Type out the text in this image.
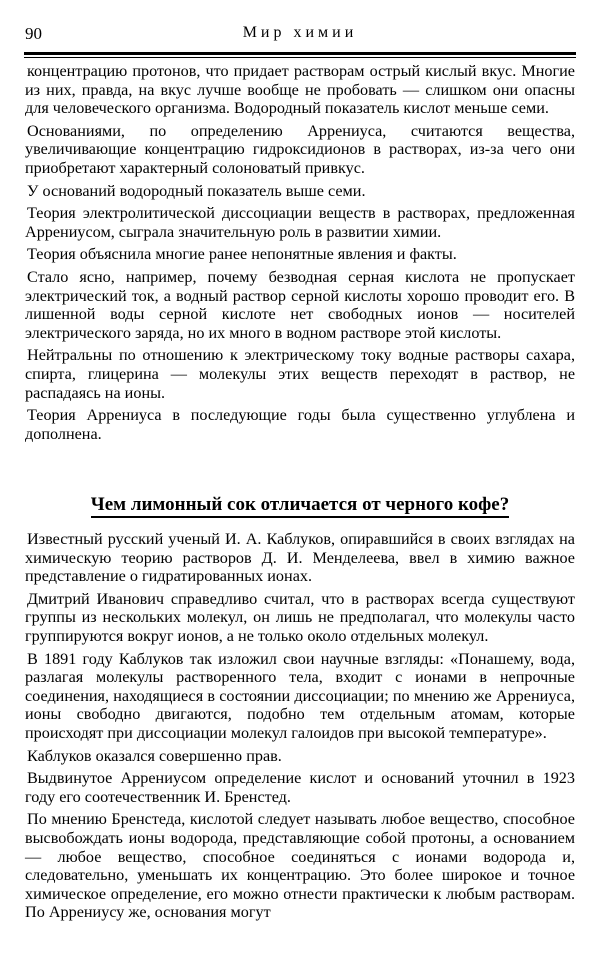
90	Мир химии

концентрацию протонов, что придает растворам острый кислый вкус. Многие из них, правда, на вкус лучше вообще не пробовать — слишком они опасны для человеческого организма. Водородный показатель кислот меньше семи.

Основаниями, по определению Аррениуса, считаются вещества, увеличивающие концентрацию гидроксидионов в растворах, из-за чего они приобретают характерный солоноватый привкус.

У оснований водородный показатель выше семи.

Теория электролитической диссоциации веществ в растворах, предложенная Аррениусом, сыграла значительную роль в развитии химии.

Теория объяснила многие ранее непонятные явления и факты.

Стало ясно, например, почему безводная серная кислота не пропускает электрический ток, а водный раствор серной кислоты хорошо проводит его. В лишенной воды серной кислоте нет свободных ионов — носителей электрического заряда, но их много в водном растворе этой кислоты.

Нейтральны по отношению к электрическому току водные растворы сахара, спирта, глицерина — молекулы этих веществ переходят в раствор, не распадаясь на ионы.

Теория Аррениуса в последующие годы была существенно углублена и дополнена.

Чем лимонный сок отличается от черного кофе?

Известный русский ученый И. А. Каблуков, опиравшийся в своих взглядах на химическую теорию растворов Д. И. Менделеева, ввел в химию важное представление о гидратированных ионах.

Дмитрий Иванович справедливо считал, что в растворах всегда существуют группы из нескольких молекул, он лишь не предполагал, что молекулы часто группируются вокруг ионов, а не только около отдельных молекул.

В 1891 году Каблуков так изложил свои научные взгляды: «Понашему, вода, разлагая молекулы растворенного тела, входит с ионами в непрочные соединения, находящиеся в состоянии диссоциации; по мнению же Аррениуса, ионы свободно двигаются, подобно тем отдельным атомам, которые происходят при диссоциации молекул галоидов при высокой температуре».

Каблуков оказался совершенно прав.

Выдвинутое Аррениусом определение кислот и оснований уточнил в 1923 году его соотечественник И. Бренстед.

По мнению Бренстеда, кислотой следует называть любое вещество, способное высвобождать ионы водорода, представляющие собой протоны, а основанием — любое вещество, способное соединяться с ионами водорода и, следовательно, уменьшать их концентрацию. Это более широкое и точное химическое определение, его можно отнести практически к любым растворам. По Аррениусу же, основания могут
